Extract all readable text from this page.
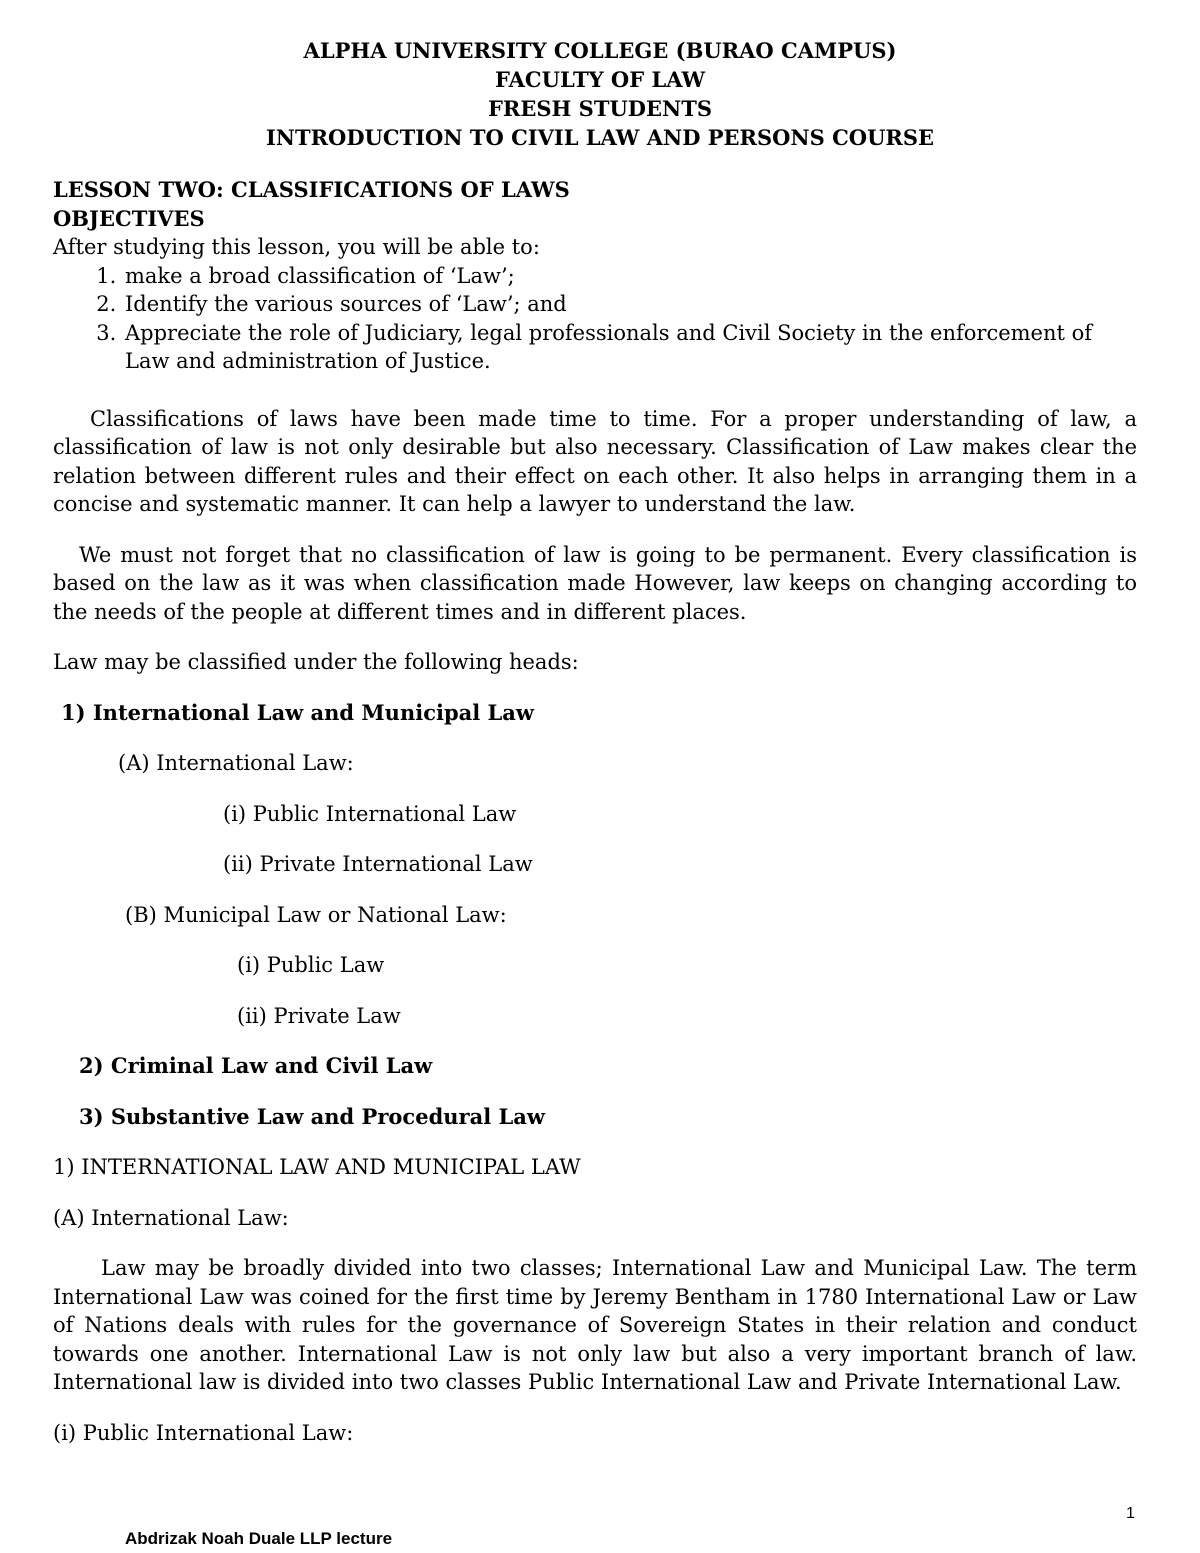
ALPHA UNIVERSITY COLLEGE (BURAO CAMPUS)
FACULTY OF LAW
FRESH STUDENTS
INTRODUCTION TO CIVIL LAW AND PERSONS COURSE
LESSON TWO: CLASSIFICATIONS OF LAWS
OBJECTIVES
After studying this lesson, you will be able to:
1. make a broad classification of ‘Law’;
2. Identify the various sources of ‘Law’; and
3. Appreciate the role of Judiciary, legal professionals and Civil Society in the enforcement of Law and administration of Justice.

Classifications of laws have been made time to time. For a proper understanding of law, a classification of law is not only desirable but also necessary. Classification of Law makes clear the relation between different rules and their effect on each other. It also helps in arranging them in a concise and systematic manner. It can help a lawyer to understand the law.

We must not forget that no classification of law is going to be permanent. Every classification is based on the law as it was when classification made However, law keeps on changing according to the needs of the people at different times and in different places.

Law may be classified under the following heads:

1) International Law and Municipal Law
(A) International Law:
(i) Public International Law
(ii) Private International Law
(B) Municipal Law or National Law:
(i) Public Law
(ii) Private Law
2) Criminal Law and Civil Law
3) Substantive Law and Procedural Law
1) INTERNATIONAL LAW AND MUNICIPAL LAW
(A) International Law:

Law may be broadly divided into two classes; International Law and Municipal Law. The term International Law was coined for the first time by Jeremy Bentham in 1780 International Law or Law of Nations deals with rules for the governance of Sovereign States in their relation and conduct towards one another. International Law is not only law but also a very important branch of law. International law is divided into two classes Public International Law and Private International Law.

(i) Public International Law:
1
Abdrizak Noah Duale LLP lecture
